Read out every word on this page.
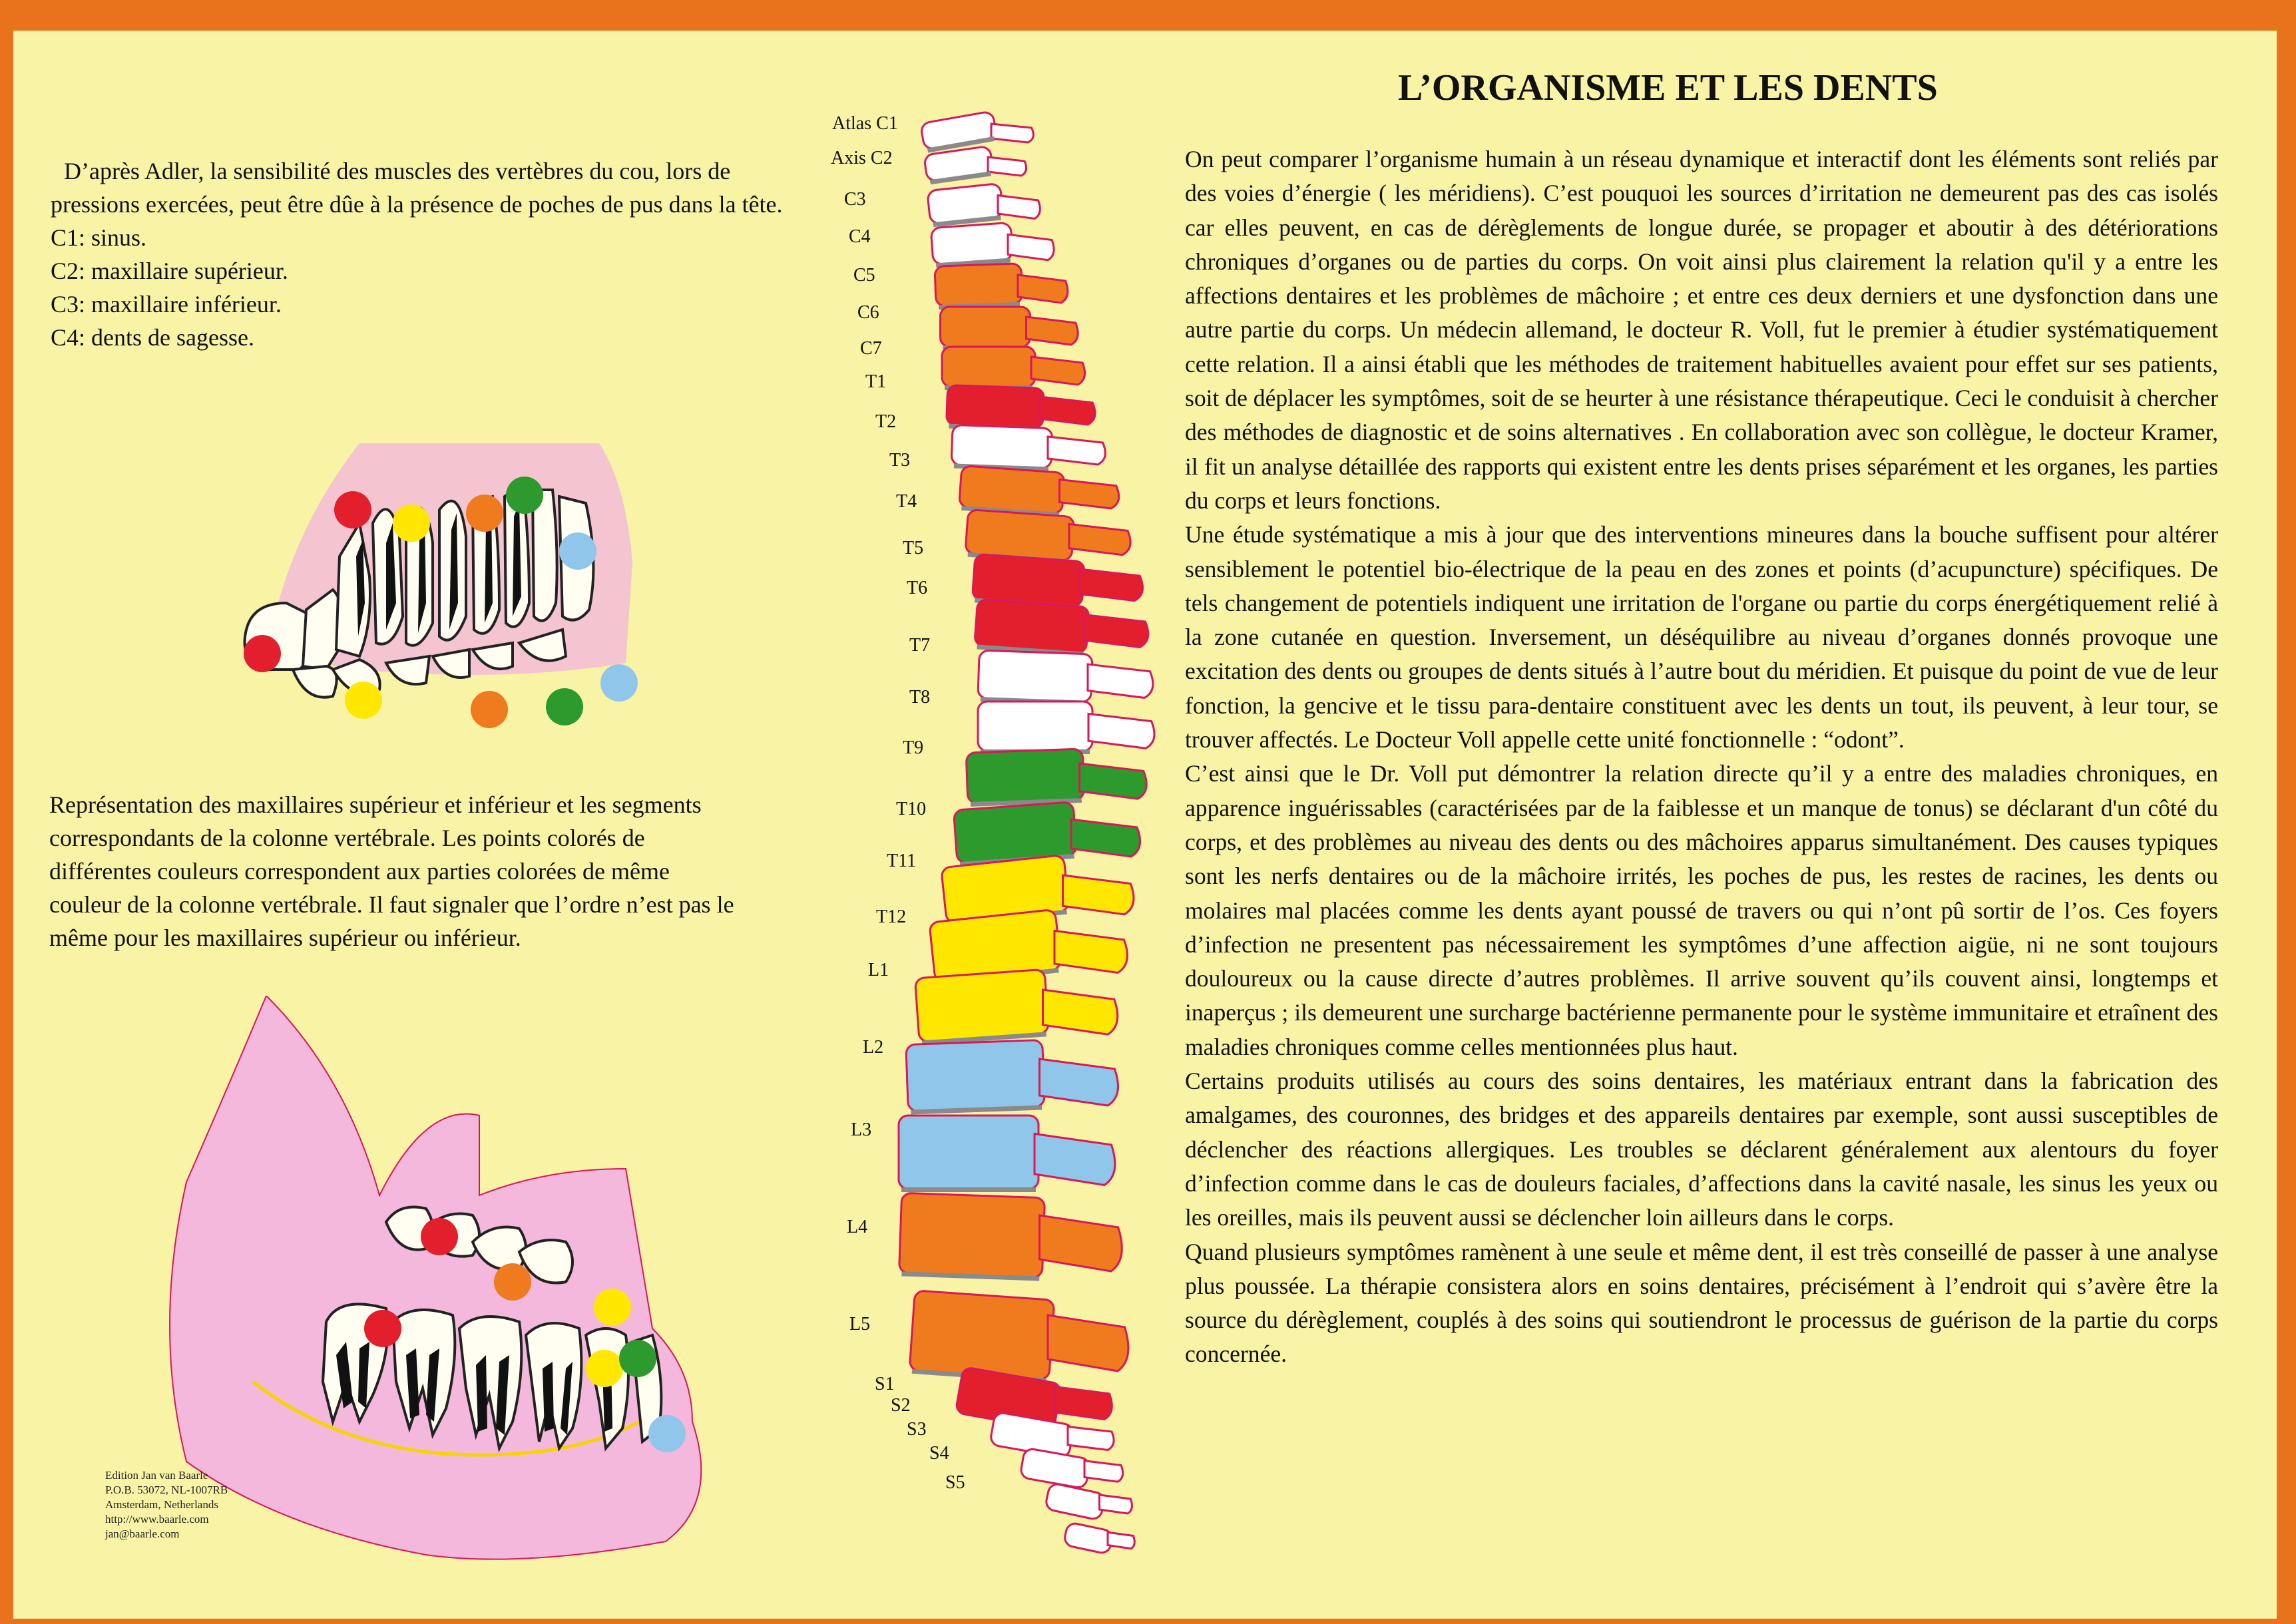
L’ORGANISME ET LES DENTS

D’après Adler, la sensibilité des muscles des vertèbres du cou, lors de pressions exercées, peut être dûe à la présence de poches de pus dans la tête.

C1: sinus.

C2: maxillaire supérieur.

C3: maxillaire inférieur.

C4: dents de sagesse.

Représentation des maxillaires supérieur et inférieur et les segments correspondants de la colonne vertébrale. Les points colorés de différentes couleurs correspondent aux parties colorées de même couleur de la colonne vertébrale. Il faut signaler que l’ordre n’est pas le même pour les maxillaires supérieur ou inférieur.
Edition Jan van Baarle
P.O.B. 53072, NL-1007RB
Amsterdam, Netherlands
http://www.baarle.com
jan@baarle.com
Atlas C1
Axis C2
C3
C4
C5
C6
C7
T1
T2
T3
T4
T5
T6
T7
T8
T9
T10
T11
T12
L1
L2
L3
L4
L5
S1
S2
S3
S4
S5

On peut comparer l’organisme humain à un réseau dynamique et interactif dont les éléments sont reliés par des voies d’énergie ( les méridiens). C’est pouquoi les sources d’irritation ne demeurent pas des cas isolés car elles peuvent, en cas de dérèglements de longue durée, se propager et aboutir à des détériorations chroniques d’organes ou de parties du corps. On voit ainsi plus clairement la relation qu'il y a entre les affections dentaires et les problèmes de mâchoire ; et entre ces deux derniers et une dysfonction dans une autre partie du corps. Un médecin allemand, le docteur R. Voll, fut le premier à étudier systématiquement cette relation. Il a ainsi établi que les méthodes de traitement habituelles avaient pour effet sur ses patients, soit de déplacer les symptômes, soit de se heurter à une résistance thérapeutique. Ceci le conduisit à chercher des méthodes de diagnostic et de soins alternatives . En collaboration avec son collègue, le docteur Kramer, il fit un analyse détaillée des rapports qui existent entre les dents prises séparément et les organes, les parties du corps et leurs fonctions.

Une étude systématique a mis à jour que des interventions mineures dans la bouche suffisent pour altérer sensiblement le potentiel bio-électrique de la peau en des zones et points (d’acupuncture) spécifiques. De tels changement de potentiels indiquent une irritation de l'organe ou partie du corps énergétiquement relié à la zone cutanée en question. Inversement, un déséquilibre au niveau d’organes donnés provoque une excitation des dents ou groupes de dents situés à l’autre bout du méridien. Et puisque du point de vue de leur fonction, la gencive et le tissu para-dentaire constituent avec les dents un tout, ils peuvent, à leur tour, se trouver affectés. Le Docteur Voll appelle cette unité fonctionnelle : “odont”.

C’est ainsi que le Dr. Voll put démontrer la relation directe qu’il y a entre des maladies chroniques, en apparence inguérissables (caractérisées par de la faiblesse et un manque de tonus) se déclarant d'un côté du corps, et des problèmes au niveau des dents ou des mâchoires apparus simultanément. Des causes typiques sont les nerfs dentaires ou de la mâchoire irrités, les poches de pus, les restes de racines, les dents ou molaires mal placées comme les dents ayant poussé de travers ou qui n’ont pû sortir de l’os. Ces foyers d’infection ne presentent pas nécessairement les symptômes d’une affection aigüe, ni ne sont toujours douloureux ou la cause directe d’autres problèmes. Il arrive souvent qu’ils couvent ainsi, longtemps et inaperçus ; ils demeurent une surcharge bactérienne permanente pour le système immunitaire et etraînent des maladies chroniques comme celles mentionnées plus haut.

Certains produits utilisés au cours des soins dentaires, les matériaux entrant dans la fabrication des amalgames, des couronnes, des bridges et des appareils dentaires par exemple, sont aussi susceptibles de déclencher des réactions allergiques. Les troubles se déclarent généralement aux alentours du foyer d’infection comme dans le cas de douleurs faciales, d’affections dans la cavité nasale, les sinus les yeux ou les oreilles, mais ils peuvent aussi se déclencher loin ailleurs dans le corps.

Quand plusieurs symptômes ramènent à une seule et même dent, il est très conseillé de passer à une analyse plus poussée. La thérapie consistera alors en soins dentaires, précisément à l’endroit qui s’avère être la source du dérèglement, couplés à des soins qui soutiendront le processus de guérison de la partie du corps concernée.
